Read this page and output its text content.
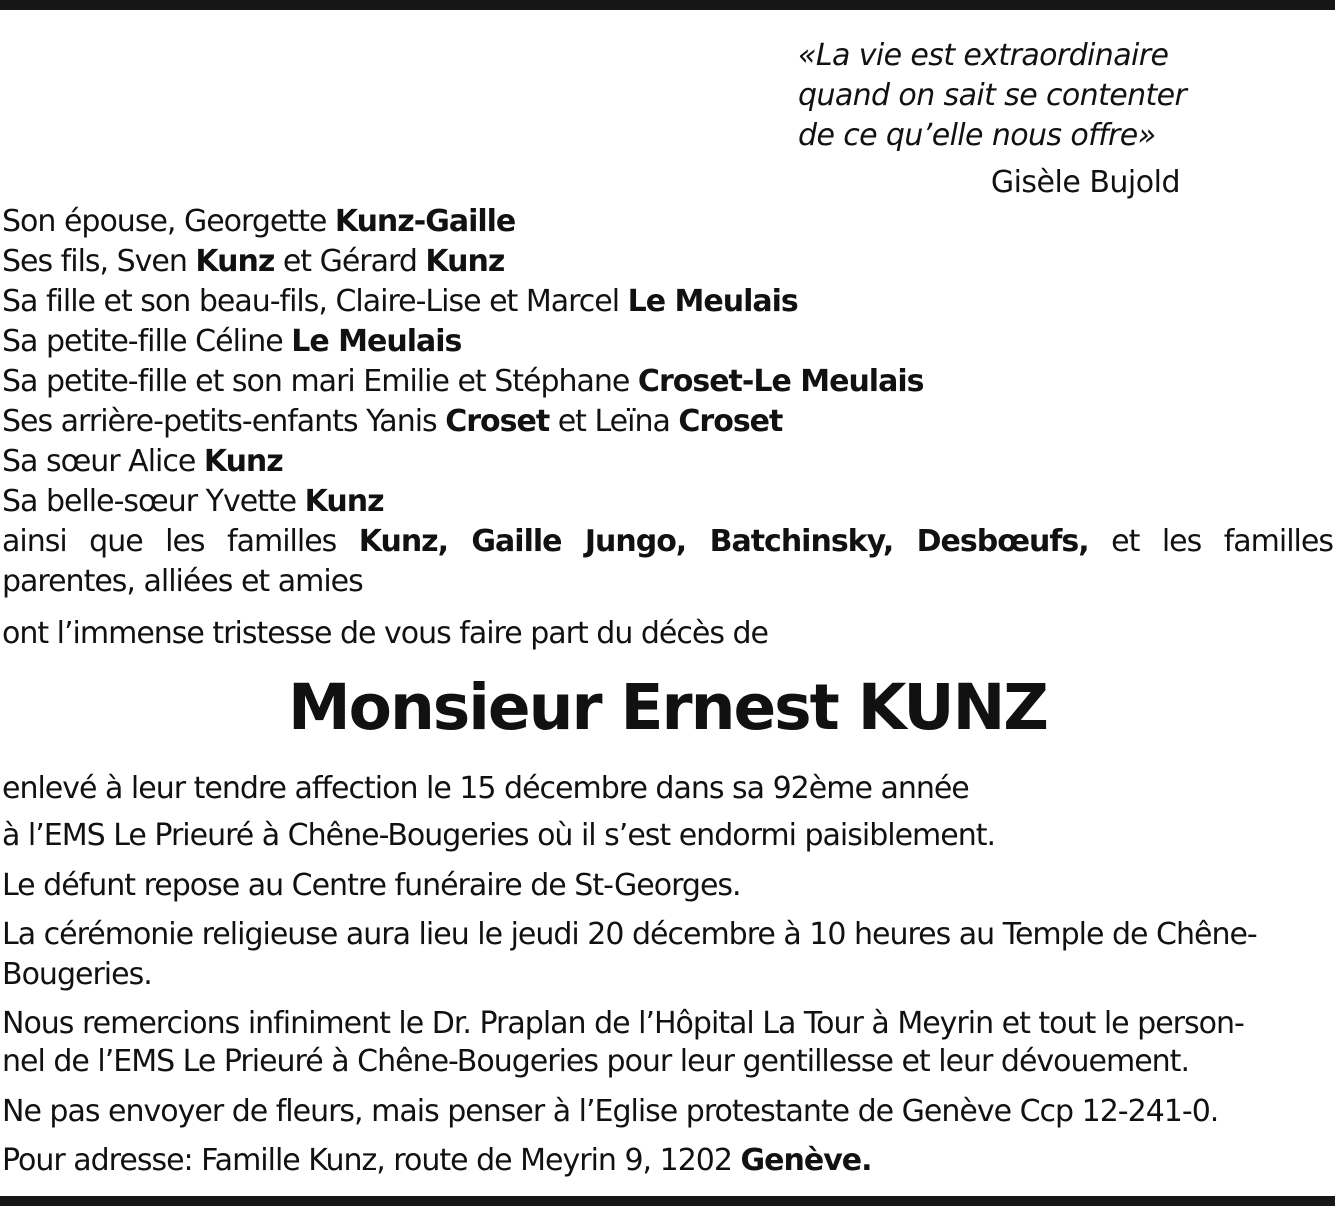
«La vie est extraordinaire
quand on sait se contenter
de ce qu’elle nous offre»
Gisèle Bujold
Son épouse, Georgette Kunz-Gaille
Ses fils, Sven Kunz et Gérard Kunz
Sa fille et son beau-fils, Claire-Lise et Marcel Le Meulais
Sa petite-fille Céline Le Meulais
Sa petite-fille et son mari Emilie et Stéphane Croset-Le Meulais
Ses arrière-petits-enfants Yanis Croset et Leïna Croset
Sa sœur Alice Kunz
Sa belle-sœur Yvette Kunz
ainsi que les familles Kunz, Gaille Jungo, Batchinsky, Desbœufs, et les familles
parentes, alliées et amies
ont l’immense tristesse de vous faire part du décès de
Monsieur Ernest KUNZ
enlevé à leur tendre affection le 15 décembre dans sa 92ème année
à l’EMS Le Prieuré à Chêne-Bougeries où il s’est endormi paisiblement.
Le défunt repose au Centre funéraire de St-Georges.
La cérémonie religieuse aura lieu le jeudi 20 décembre à 10 heures au Temple de Chêne-
Bougeries.
Nous remercions infiniment le Dr. Praplan de l’Hôpital La Tour à Meyrin et tout le person-
nel de l’EMS Le Prieuré à Chêne-Bougeries pour leur gentillesse et leur dévouement.
Ne pas envoyer de fleurs, mais penser à l’Eglise protestante de Genève Ccp 12-241-0.
Pour adresse: Famille Kunz, route de Meyrin 9, 1202 Genève.
